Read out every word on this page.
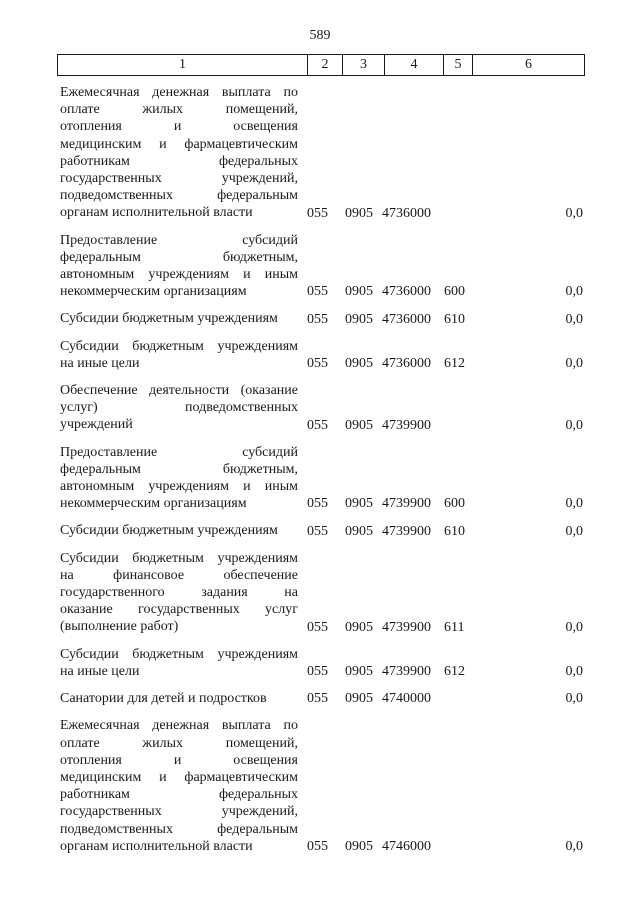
589
1	2	3	4	5	6
Ежемесячная денежная выплата по
оплате жилых помещений,
отопления и освещения
медицинским и фармацевтическим
работникам федеральных
государственных учреждений,
подведомственных федеральным
органам исполнительной власти	055 0905 4736000	0,0
Предоставление субсидий
федеральным бюджетным,
автономным учреждениям и иным
некоммерческим организациям	055 0905 4736000 600	0,0
Субсидии бюджетным учреждениям	055 0905 4736000 610	0,0
Субсидии бюджетным учреждениям
на иные цели	055 0905 4736000 612	0,0
Обеспечение деятельности (оказание
услуг) подведомственных
учреждений	055 0905 4739900	0,0
Предоставление субсидий
федеральным бюджетным,
автономным учреждениям и иным
некоммерческим организациям	055 0905 4739900 600	0,0
Субсидии бюджетным учреждениям	055 0905 4739900 610	0,0
Субсидии бюджетным учреждениям
на финансовое обеспечение
государственного задания на
оказание государственных услуг
(выполнение работ)	055 0905 4739900 611	0,0
Субсидии бюджетным учреждениям
на иные цели	055 0905 4739900 612	0,0
Санатории для детей и подростков	055 0905 4740000	0,0
Ежемесячная денежная выплата по
оплате жилых помещений,
отопления и освещения
медицинским и фармацевтическим
работникам федеральных
государственных учреждений,
подведомственных федеральным
органам исполнительной власти	055 0905 4746000	0,0
